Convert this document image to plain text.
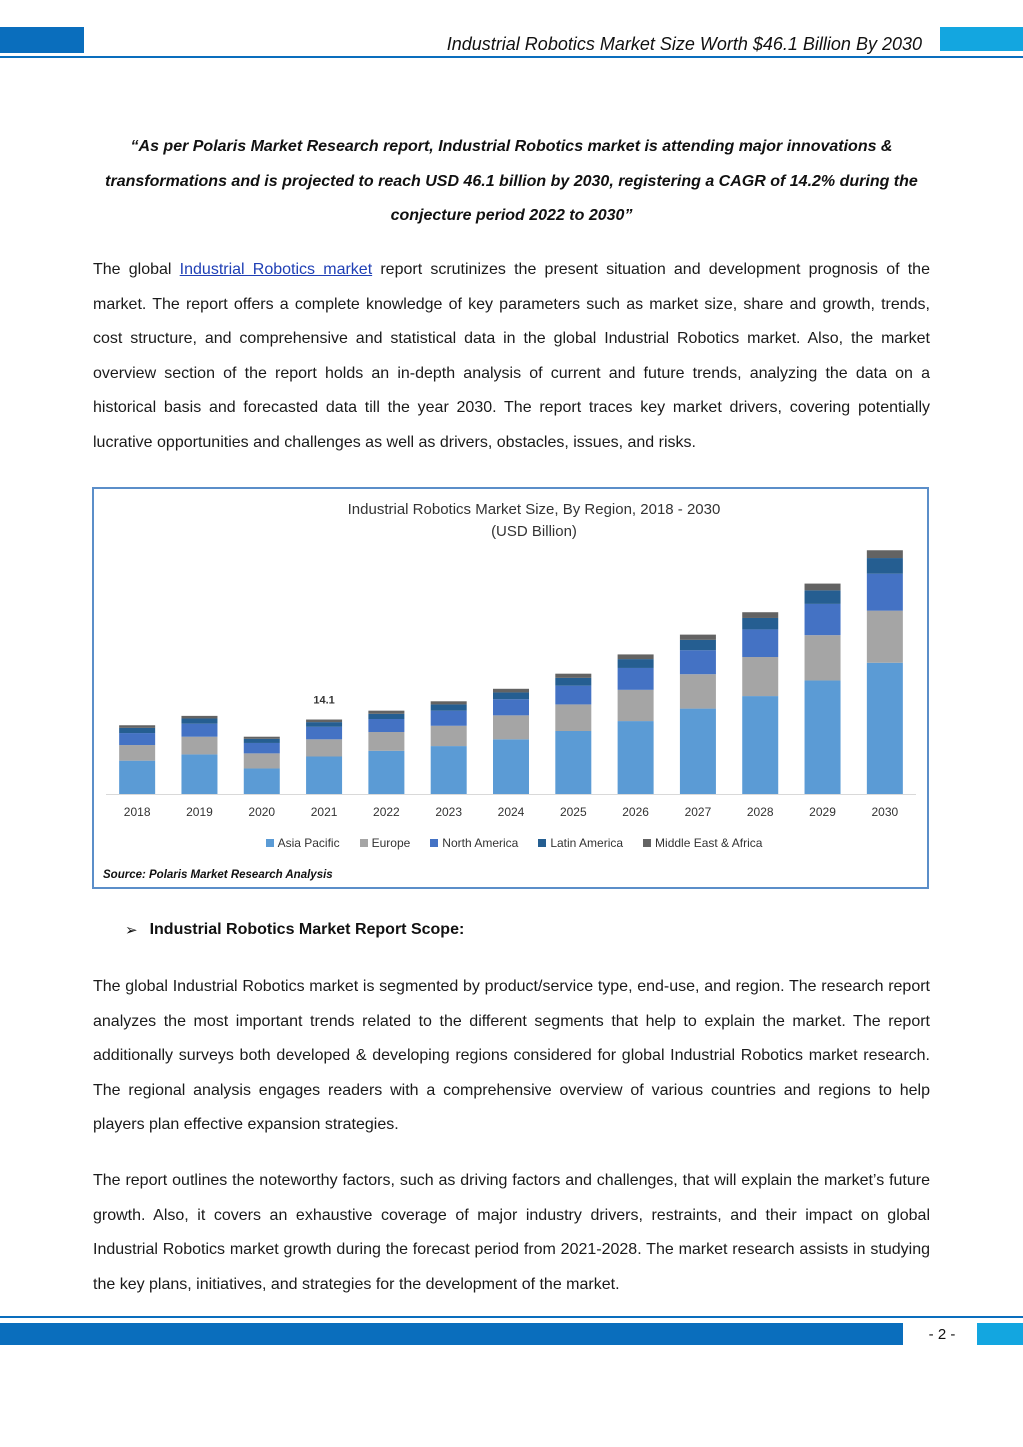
Industrial Robotics Market Size Worth $46.1 Billion By 2030
“As per Polaris Market Research report, Industrial Robotics market is attending major innovations &
transformations and is projected to reach USD 46.1 billion by 2030, registering a CAGR of 14.2% during the
conjecture period 2022 to 2030”
The global Industrial Robotics market report scrutinizes the present situation and development prognosis of the market. The report offers a complete knowledge of key parameters such as market size, share and growth, trends, cost structure, and comprehensive and statistical data in the global Industrial Robotics market. Also, the market overview section of the report holds an in-depth analysis of current and future trends, analyzing the data on a historical basis and forecasted data till the year 2030. The report traces key market drivers, covering potentially lucrative opportunities and challenges as well as drivers, obstacles, issues, and risks.
Industrial Robotics Market Size, By Region, 2018 - 2030
(USD Billion)
2018	2019	2020	2021
14.1
2022	2023	2024	2025	2026	2027	2028	2029	2030
Asia Pacific	Europe	North America	Latin America	Middle East & Africa
Source: Polaris Market Research Analysis
➢ Industrial Robotics Market Report Scope:
The global Industrial Robotics market is segmented by product/service type, end-use, and region. The research report analyzes the most important trends related to the different segments that help to explain the market. The report additionally surveys both developed & developing regions considered for global Industrial Robotics market research. The regional analysis engages readers with a comprehensive overview of various countries and regions to help players plan effective expansion strategies.
The report outlines the noteworthy factors, such as driving factors and challenges, that will explain the market’s future growth. Also, it covers an exhaustive coverage of major industry drivers, restraints, and their impact on global Industrial Robotics market growth during the forecast period from 2021-2028. The market research assists in studying the key plans, initiatives, and strategies for the development of the market.
- 2 -
